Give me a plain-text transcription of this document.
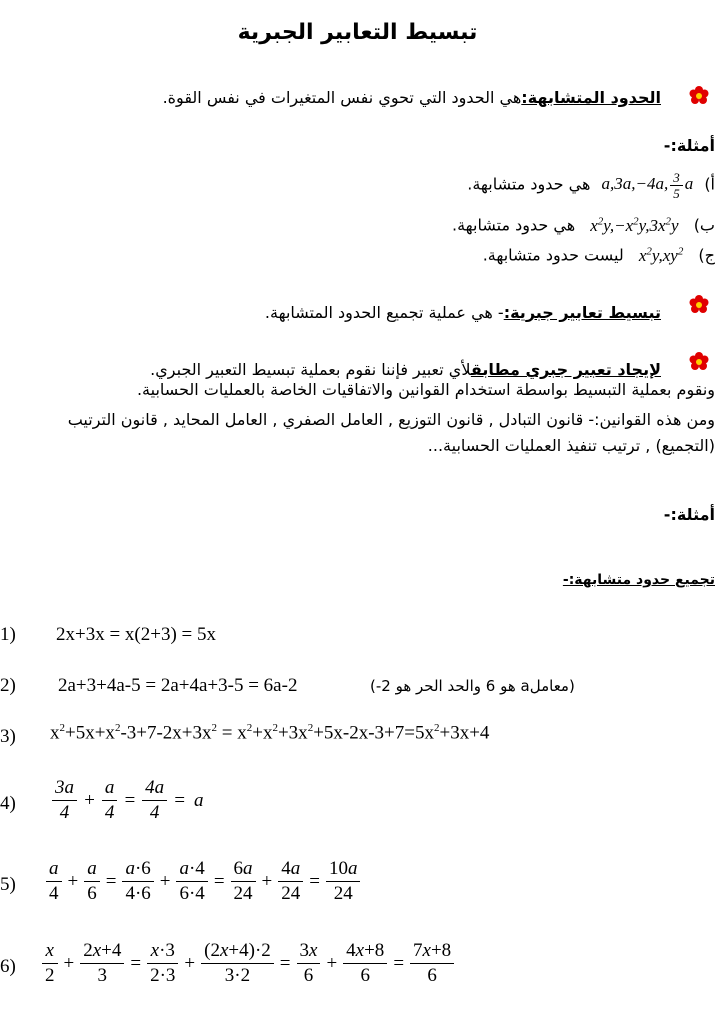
تبسيط التعابير الجبرية
الحدود المتشابهة:هي الحدود التي تحوي نفس المتغيرات في نفس القوة.
أمثلة:-
أ) a,3a,−4a, $\frac{3}{5}$ a هي حدود متشابهة.
ب) $x^2y,-x^2y,3x^2y$ هي حدود متشابهة.
ج) $x^2y,xy^2$ ليست حدود متشابهة.
تبسيط تعابير جبرية:- هي عملية تجميع الحدود المتشابهة.
لإيجاد تعبير جبري مطابقلأي تعبير فإننا نقوم بعملية تبسيط التعبير الجبري.
ونقوم بعملية التبسيط بواسطة استخدام القوانين والاتفاقيات الخاصة بالعمليات الحسابية.
ومن هذه القوانين:- قانون التبادل , قانون التوزيع , العامل الصفري , العامل المحايد , قانون الترتيب
(التجميع) , ترتيب تنفيذ العمليات الحسابية...
أمثلة:-
تجميع حدود متشابهة:-
1) 2x+3x = x(2+3) = 5x
2) 2a+3+4a-5 = 2a+4a+3-5 = 6a-2	(معاملa هو 6 والحد الحر هو 2-)
3) $x^2+5x+x^2-3+7-2x+3x^2 = x^2+x^2+3x^2+5x-2x-3+7=5x^2+3x+4$
$4) \frac{3a}{4} + \frac{a}{4} = \frac{4a}{4} = a$
$5) \frac{a}{4} + \frac{a}{6} = \frac{a\cdot 6}{4\cdot 6} + \frac{a\cdot 4}{6\cdot 4} = \frac{6a}{24} + \frac{4a}{24} = \frac{10a}{24}$
$6) \frac{x}{2} + \frac{2x+4}{3} = \frac{x\cdot 3}{2\cdot 3} + \frac{(2x+4)\cdot 2}{3\cdot 2} = \frac{3x}{6} + \frac{4x+8}{6} = \frac{7x+8}{6}$
